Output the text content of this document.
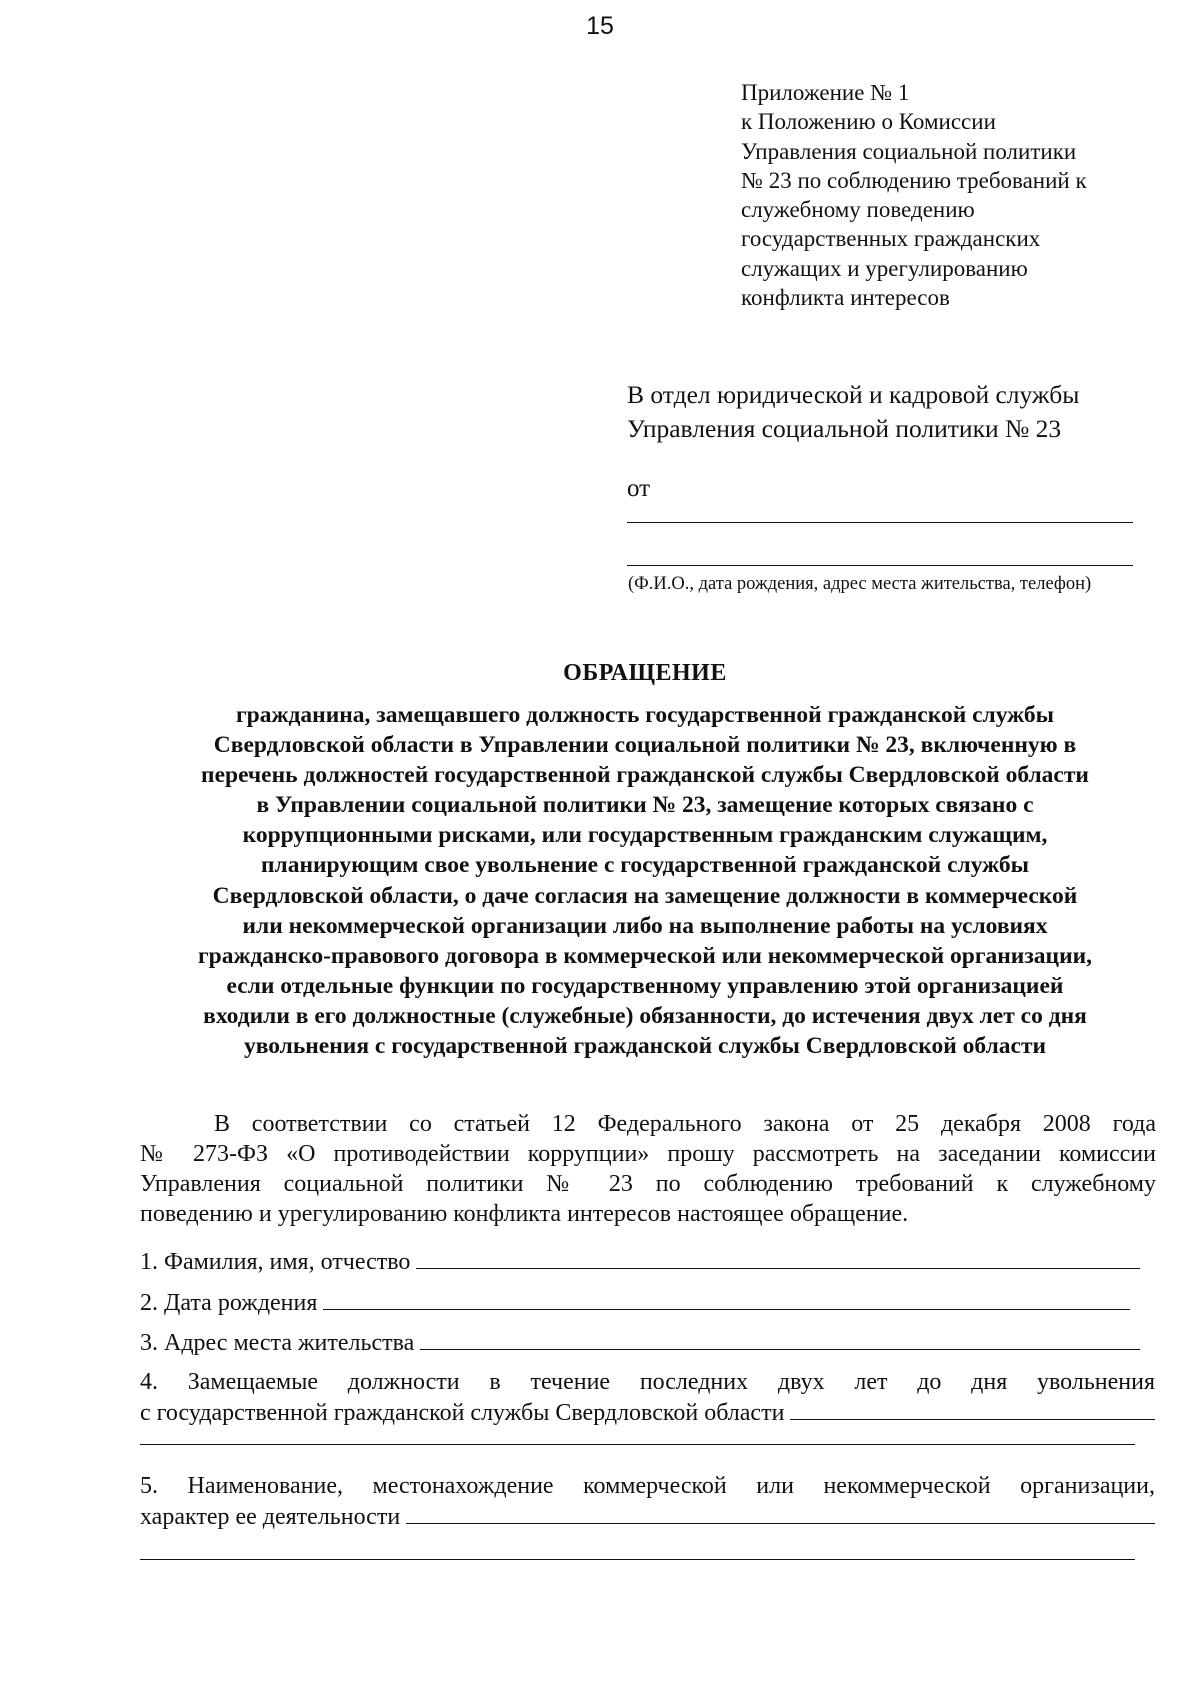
15
Приложение № 1
к Положению о Комиссии
Управления социальной политики
№ 23 по соблюдению требований к
служебному поведению
государственных гражданских
служащих и урегулированию
конфликта интересов
В отдел юридической и кадровой службы
Управления социальной политики № 23
от
(Ф.И.О., дата рождения, адрес места жительства, телефон)
ОБРАЩЕНИЕ
гражданина, замещавшего должность государственной гражданской службы
Свердловской области в Управлении социальной политики № 23, включенную в
перечень должностей государственной гражданской службы Свердловской области
в Управлении социальной политики № 23, замещение которых связано с
коррупционными рисками, или государственным гражданским служащим,
планирующим свое увольнение с государственной гражданской службы
Свердловской области, о даче согласия на замещение должности в коммерческой
или некоммерческой организации либо на выполнение работы на условиях
гражданско-правового договора в коммерческой или некоммерческой организации,
если отдельные функции по государственному управлению этой организацией
входили в его должностные (служебные) обязанности, до истечения двух лет со дня
увольнения с государственной гражданской службы Свердловской области
В соответствии со статьей 12 Федерального закона от 25 декабря 2008 года
№ 273-ФЗ «О противодействии коррупции» прошу рассмотреть на заседании комиссии
Управления социальной политики № 23 по соблюдению требований к служебному
поведению и урегулированию конфликта интересов настоящее обращение.
1. Фамилия, имя, отчество
2. Дата рождения
3. Адрес места жительства
4. Замещаемые должности в течение последних двух лет до дня увольнения
с государственной гражданской службы Свердловской области
5. Наименование, местонахождение коммерческой или некоммерческой организации,
характер ее деятельности
